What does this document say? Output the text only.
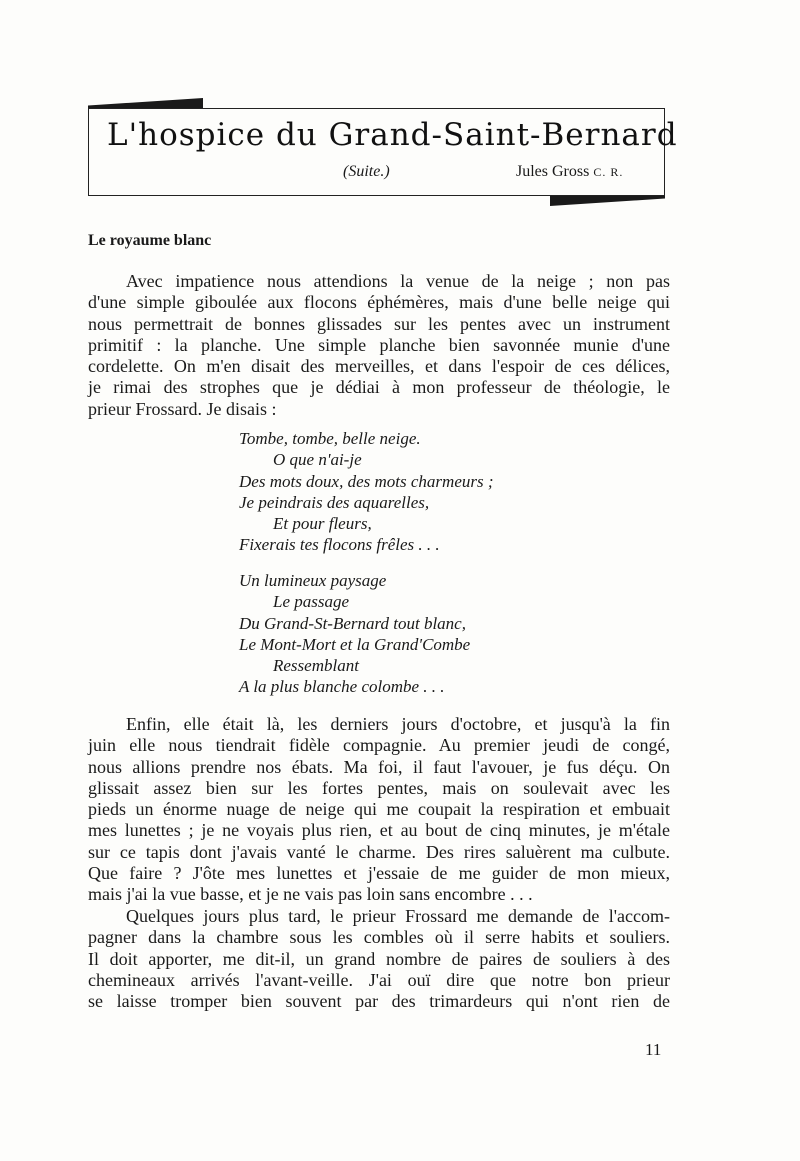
L'hospice du Grand-Saint-Bernard
(Suite.)	Jules Gross C. R.
Le royaume blanc

Avec impatience nous attendions la venue de la neige ; non pas
d'une simple giboulée aux flocons éphémères, mais d'une belle neige qui
nous permettrait de bonnes glissades sur les pentes avec un instrument
primitif : la planche. Une simple planche bien savonnée munie d'une
cordelette. On m'en disait des merveilles, et dans l'espoir de ces délices,
je rimai des strophes que je dédiai à mon professeur de théologie, le
prieur Frossard. Je disais :

Tombe, tombe, belle neige.
O que n'ai-je
Des mots doux, des mots charmeurs ;
Je peindrais des aquarelles,
Et pour fleurs,
Fixerais tes flocons frêles . . .

Un lumineux paysage
Le passage
Du Grand-St-Bernard tout blanc,
Le Mont-Mort et la Grand'Combe
Ressemblant
A la plus blanche colombe . . .

Enfin, elle était là, les derniers jours d'octobre, et jusqu'à la fin
juin elle nous tiendrait fidèle compagnie. Au premier jeudi de congé,
nous allions prendre nos ébats. Ma foi, il faut l'avouer, je fus déçu. On
glissait assez bien sur les fortes pentes, mais on soulevait avec les
pieds un énorme nuage de neige qui me coupait la respiration et embuait
mes lunettes ; je ne voyais plus rien, et au bout de cinq minutes, je m'étale
sur ce tapis dont j'avais vanté le charme. Des rires saluèrent ma culbute.
Que faire ? J'ôte mes lunettes et j'essaie de me guider de mon mieux,
mais j'ai la vue basse, et je ne vais pas loin sans encombre . . .

Quelques jours plus tard, le prieur Frossard me demande de l'accom-
pagner dans la chambre sous les combles où il serre habits et souliers.
Il doit apporter, me dit-il, un grand nombre de paires de souliers à des
chemineaux arrivés l'avant-veille. J'ai ouï dire que notre bon prieur
se laisse tromper bien souvent par des trimardeurs qui n'ont rien de

11
